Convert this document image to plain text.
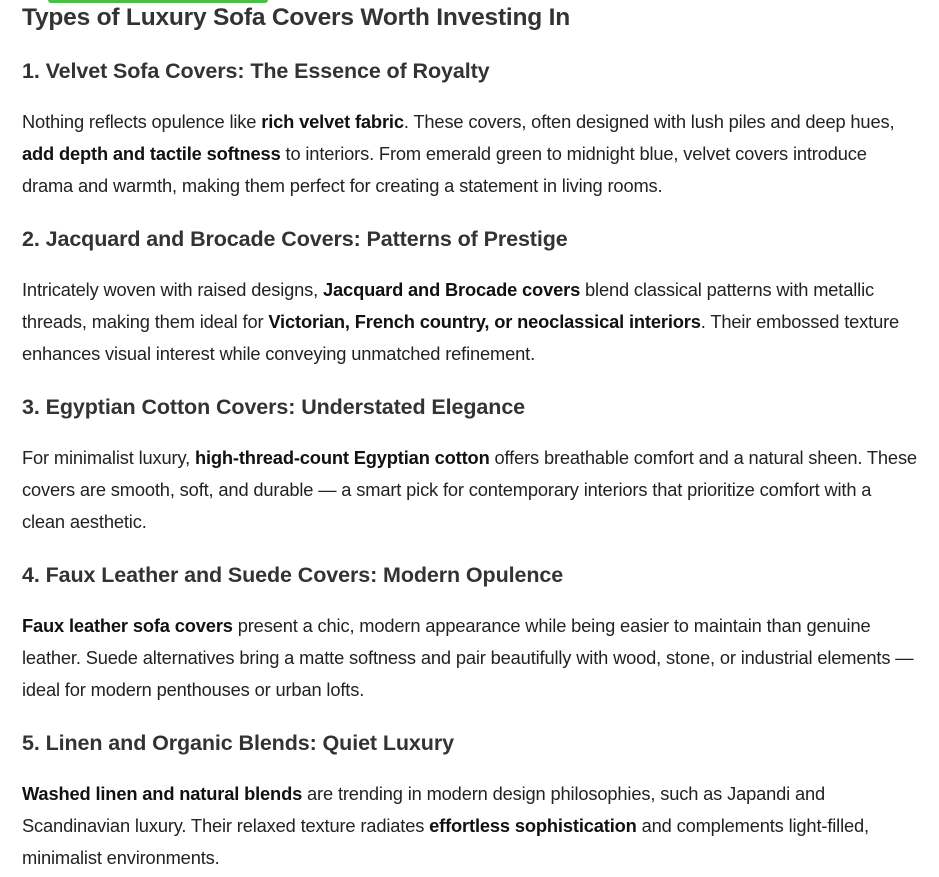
Types of Luxury Sofa Covers Worth Investing In
1. Velvet Sofa Covers: The Essence of Royalty

Nothing reflects opulence like rich velvet fabric. These covers, often designed with lush piles and deep hues, add depth and tactile softness to interiors. From emerald green to midnight blue, velvet covers introduce drama and warmth, making them perfect for creating a statement in living rooms.

2. Jacquard and Brocade Covers: Patterns of Prestige

Intricately woven with raised designs, Jacquard and Brocade covers blend classical patterns with metallic threads, making them ideal for Victorian, French country, or neoclassical interiors. Their embossed texture enhances visual interest while conveying unmatched refinement.

3. Egyptian Cotton Covers: Understated Elegance

For minimalist luxury, high-thread-count Egyptian cotton offers breathable comfort and a natural sheen. These covers are smooth, soft, and durable — a smart pick for contemporary interiors that prioritize comfort with a clean aesthetic.

4. Faux Leather and Suede Covers: Modern Opulence

Faux leather sofa covers present a chic, modern appearance while being easier to maintain than genuine leather. Suede alternatives bring a matte softness and pair beautifully with wood, stone, or industrial elements — ideal for modern penthouses or urban lofts.

5. Linen and Organic Blends: Quiet Luxury

Washed linen and natural blends are trending in modern design philosophies, such as Japandi and Scandinavian luxury. Their relaxed texture radiates effortless sophistication and complements light-filled, minimalist environments.
